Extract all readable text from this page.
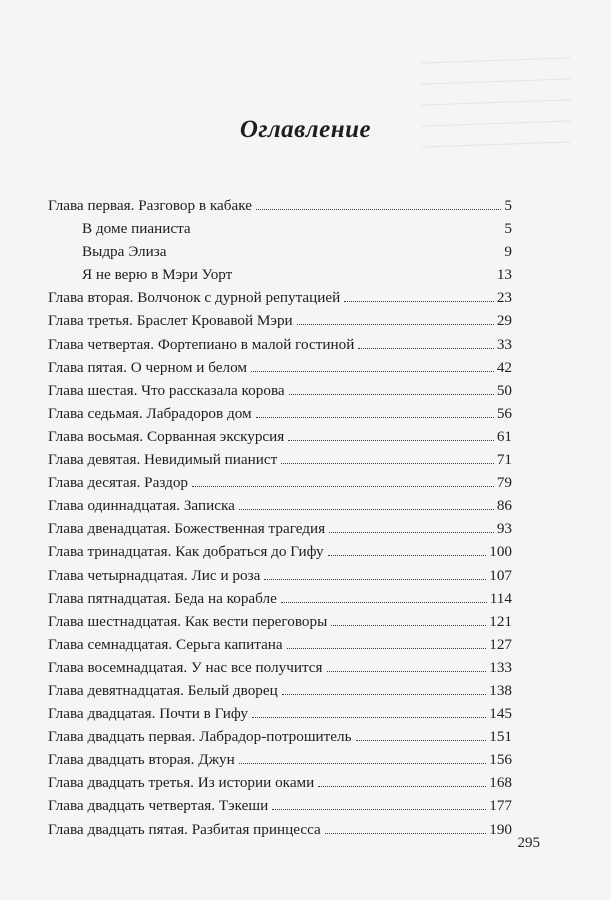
Оглавление
Глава первая. Разговор в кабаке	5
В доме пианиста	5
Выдра Элиза	9
Я не верю в Мэри Уорт	13
Глава вторая. Волчонок с дурной репутацией	23
Глава третья. Браслет Кровавой Мэри	29
Глава четвертая. Фортепиано в малой гостиной	33
Глава пятая. О черном и белом	42
Глава шестая. Что рассказала корова	50
Глава седьмая. Лабрадоров дом	56
Глава восьмая. Сорванная экскурсия	61
Глава девятая. Невидимый пианист	71
Глава десятая. Раздор	79
Глава одиннадцатая. Записка	86
Глава двенадцатая. Божественная трагедия	93
Глава тринадцатая. Как добраться до Гифу	100
Глава четырнадцатая. Лис и роза	107
Глава пятнадцатая. Беда на корабле	114
Глава шестнадцатая. Как вести переговоры	121
Глава семнадцатая. Серьга капитана	127
Глава восемнадцатая. У нас все получится	133
Глава девятнадцатая. Белый дворец	138
Глава двадцатая. Почти в Гифу	145
Глава двадцать первая. Лабрадор-потрошитель	151
Глава двадцать вторая. Джун	156
Глава двадцать третья. Из истории оками	168
Глава двадцать четвертая. Тэкеши	177
Глава двадцать пятая. Разбитая принцесса	190
295
